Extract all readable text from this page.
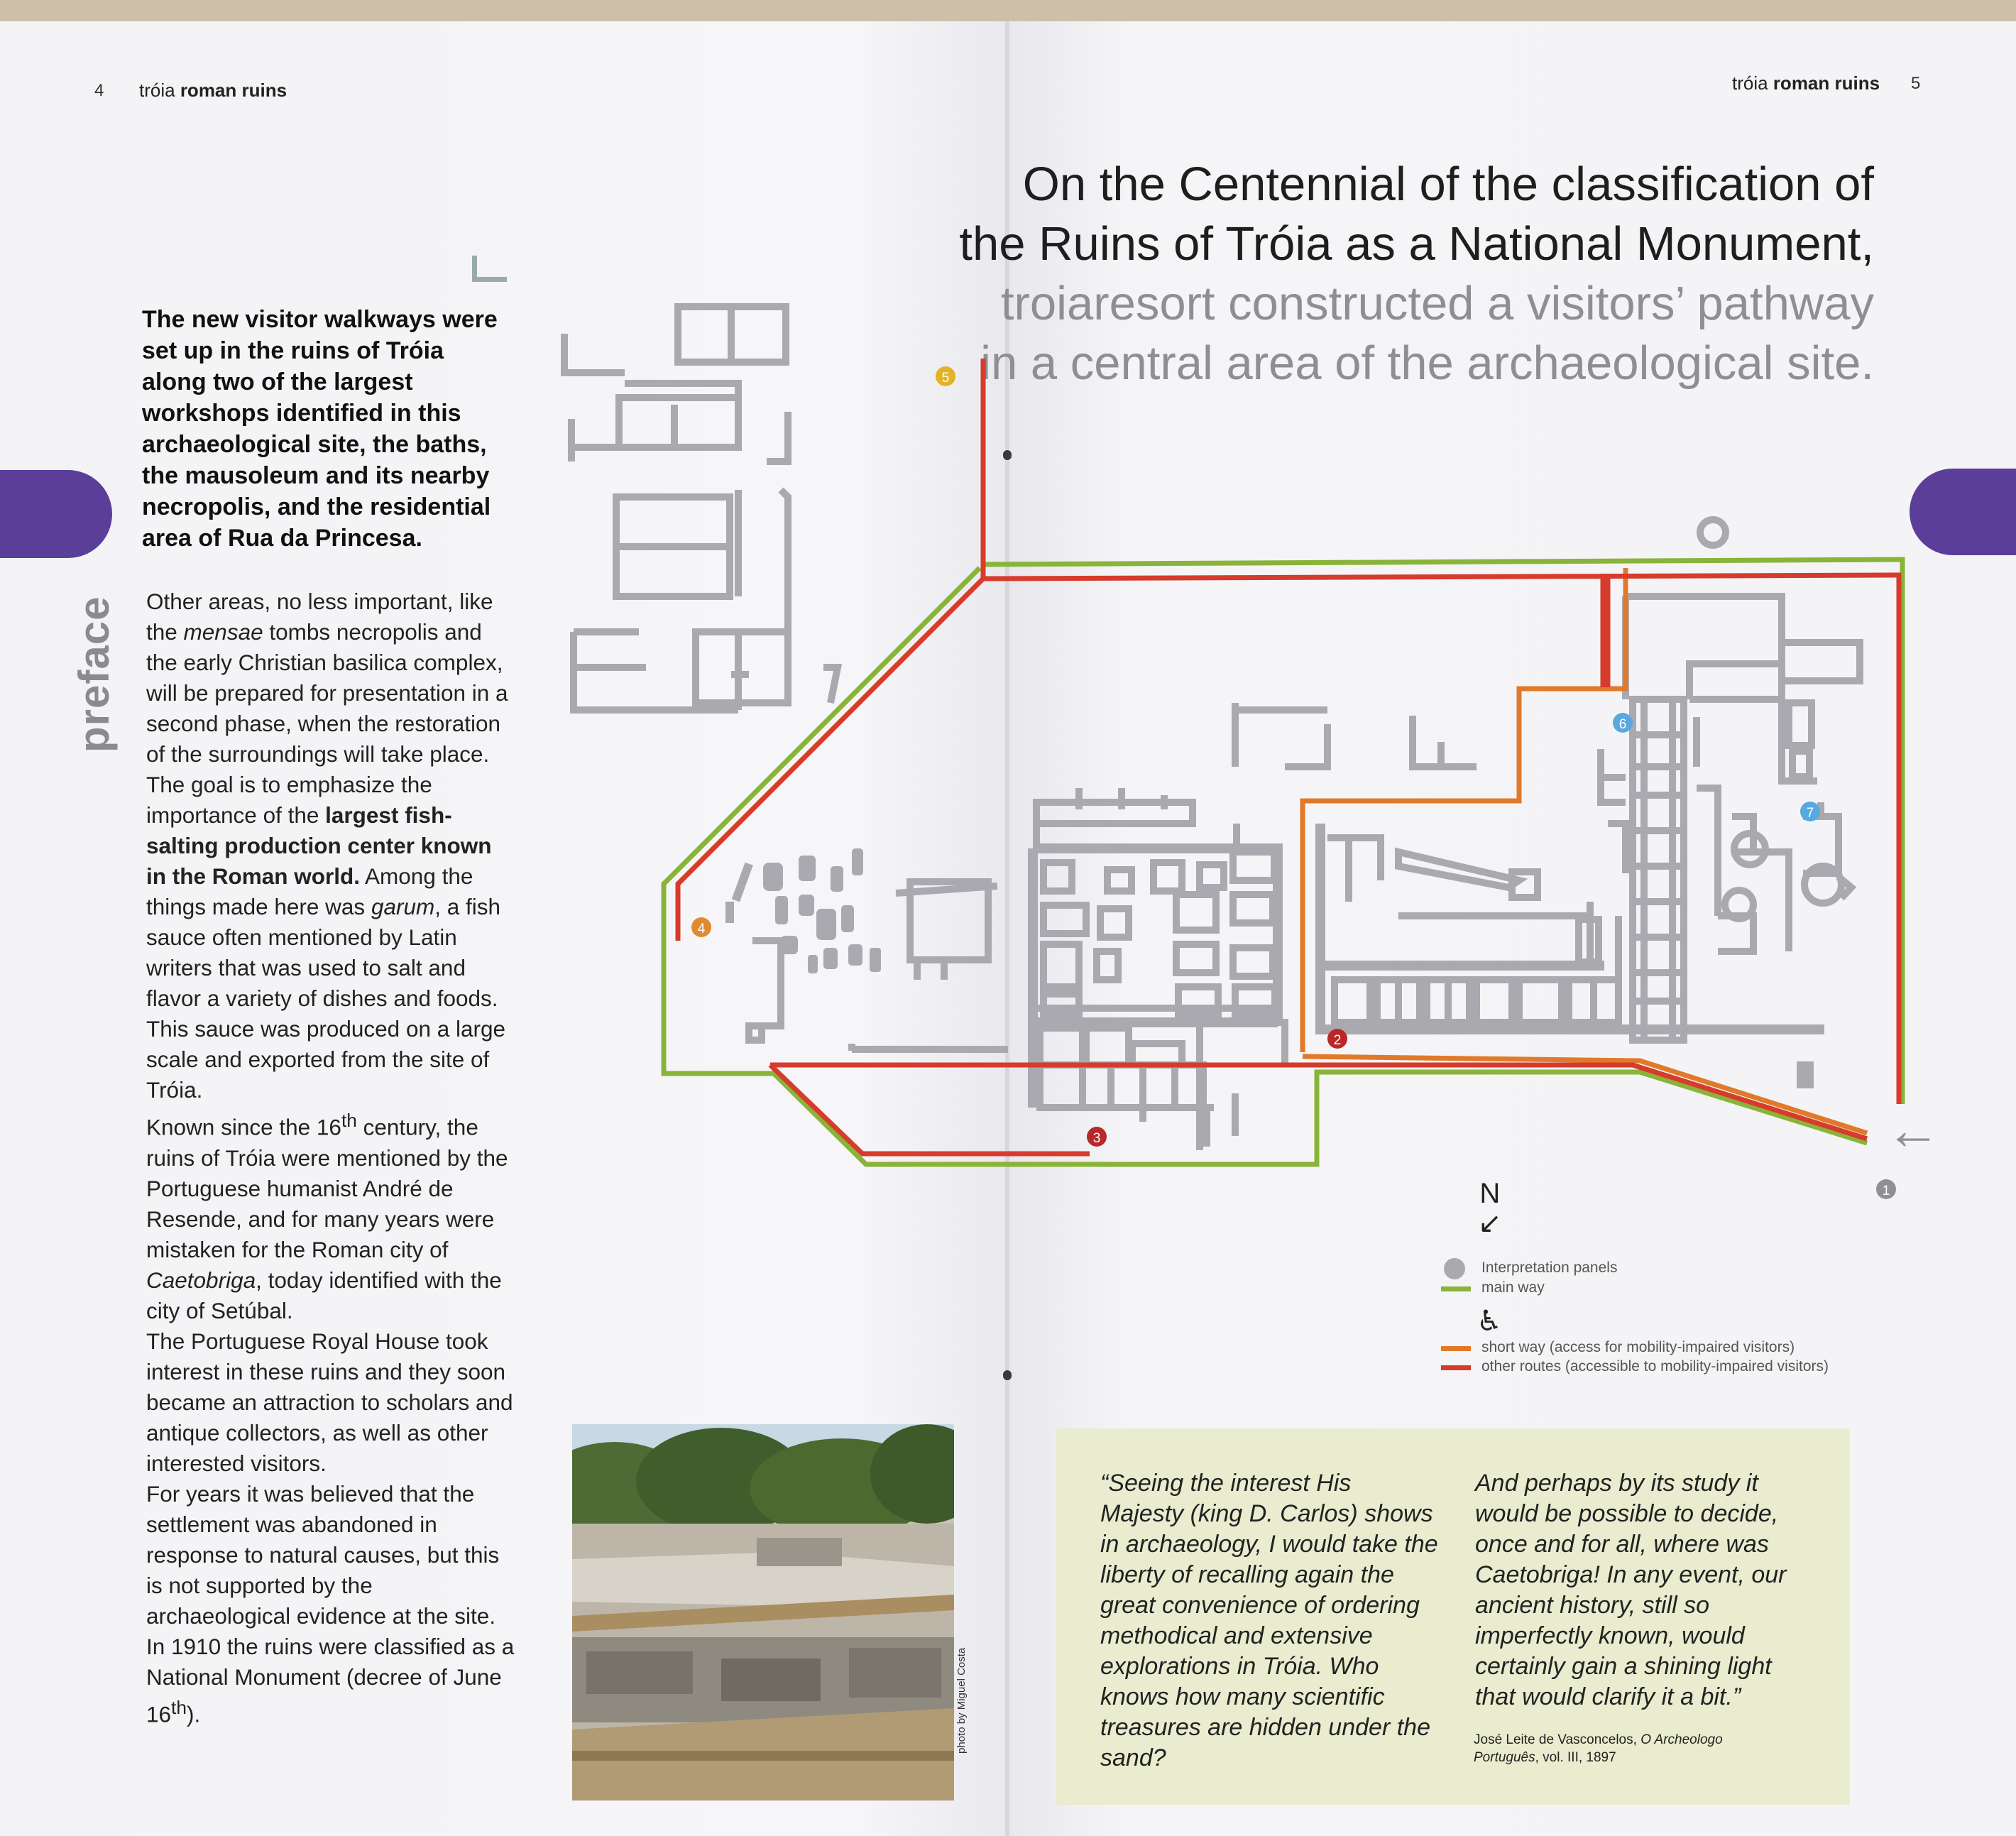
4 tróia roman ruins	tróia roman ruins 5
preface
The new visitor walkways were set up in the ruins of Tróia along two of the largest workshops identified in this archaeological site, the baths, the mausoleum and its nearby necropolis, and the residential area of Rua da Princesa.

Other areas, no less important, like the mensae tombs necropolis and the early Christian basilica complex, will be prepared for presentation in a second phase, when the restoration of the surroundings will take place.

The goal is to emphasize the importance of the largest fish-salting production center known in the Roman world. Among the things made here was garum, a fish sauce often mentioned by Latin writers that was used to salt and flavor a variety of dishes and foods. This sauce was produced on a large scale and exported from the site of Tróia.

Known since the 16th century, the ruins of Tróia were mentioned by the Portuguese humanist André de Resende, and for many years were mistaken for the Roman city of Caetobriga, today identified with the city of Setúbal.

The Portuguese Royal House took interest in these ruins and they soon became an attraction to scholars and antique collectors, as well as other interested visitors.

For years it was believed that the settlement was abandoned in response to natural causes, but this is not supported by the archaeological evidence at the site.

In 1910 the ruins were classified as a National Monument (decree of June 16th).	photo by Miguel Costa
On the Centennial of the classification of the Ruins of Tróia as a National Monument, troiaresort constructed a visitors’ pathway in a central area of the archaeological site.
1
2
3
4
5
6
7
←
N
↙
Interpretation panels
main way
♿
short way (access for mobility-impaired visitors)
other routes (accessible to mobility-impaired visitors)
“Seeing the interest His Majesty (king D. Carlos) shows in archaeology, I would take the liberty of recalling again the great convenience of ordering methodical and extensive explorations in Tróia. Who knows how many scientific treasures are hidden under the sand?
And perhaps by its study it would be possible to decide, once and for all, where was Caetobriga! In any event, our ancient history, still so imperfectly known, would certainly gain a shining light that would clarify it a bit.”
José Leite de Vasconcelos, O Archeologo Português, vol. III, 1897
